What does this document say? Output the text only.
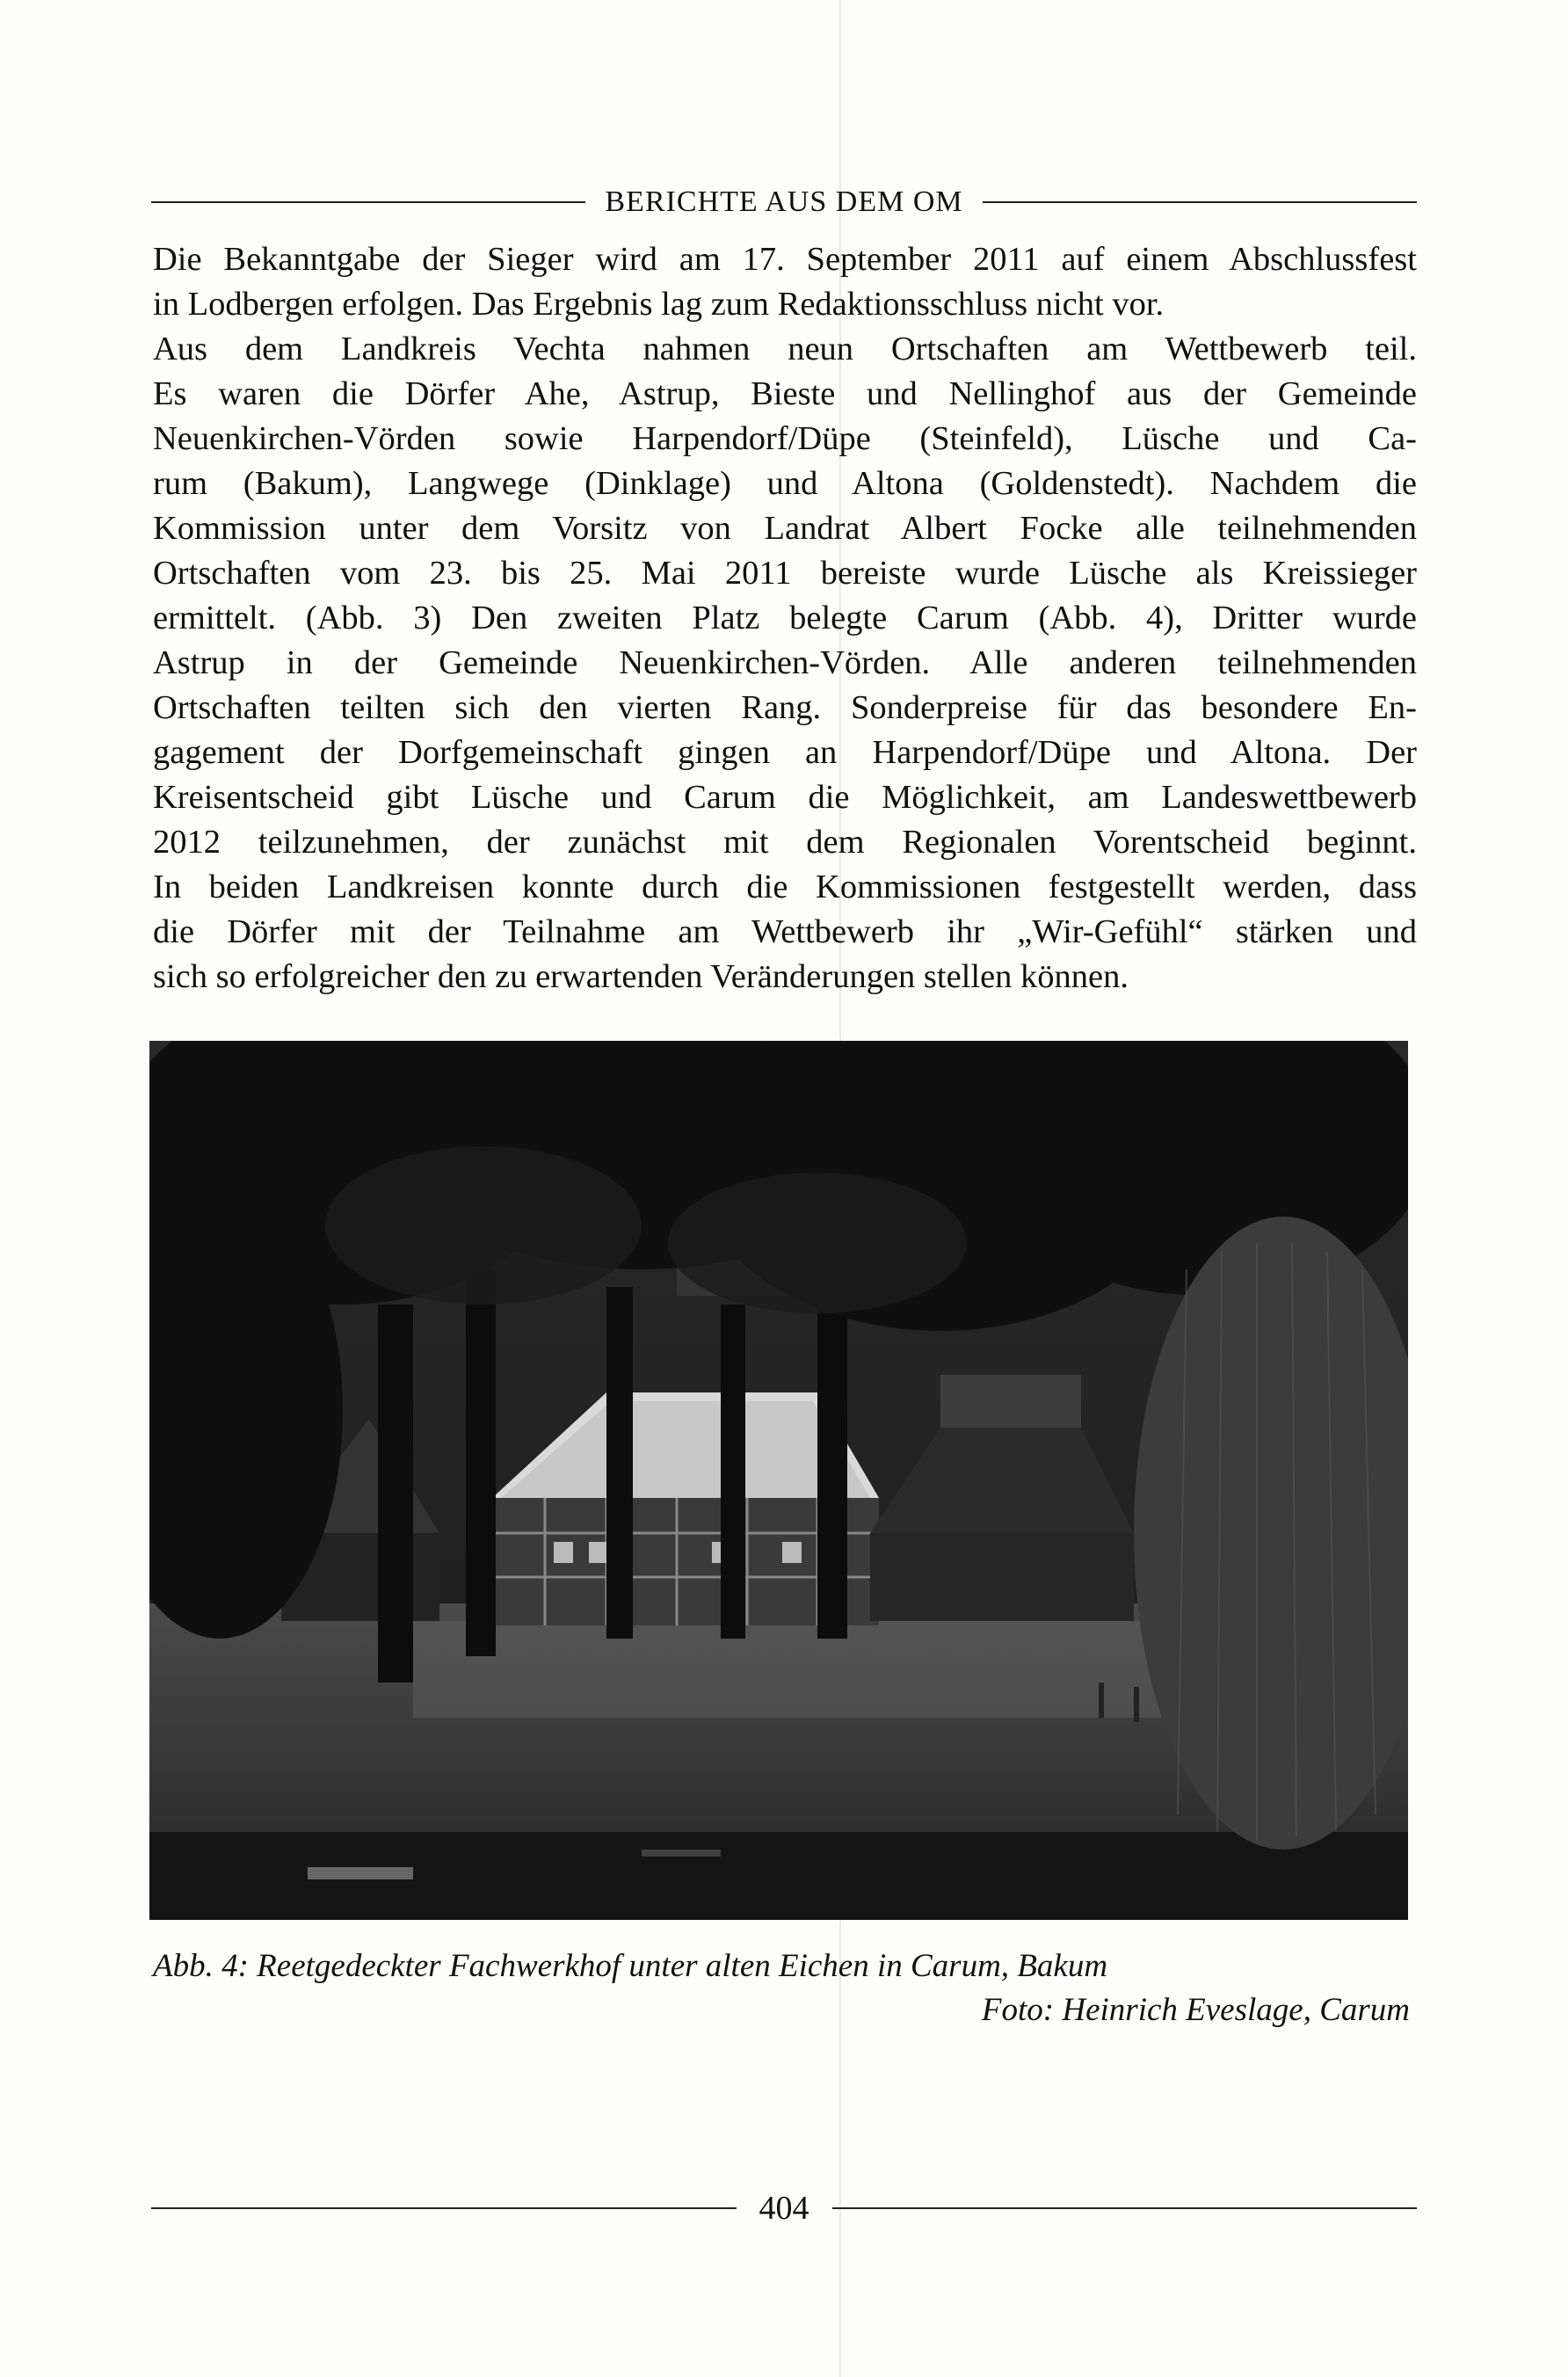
BERICHTE AUS DEM OM
Die Bekanntgabe der Sieger wird am 17. September 2011 auf einem Abschlussfest
in Lodbergen erfolgen. Das Ergebnis lag zum Redaktionsschluss nicht vor.
Aus dem Landkreis Vechta nahmen neun Ortschaften am Wettbewerb teil.
Es waren die Dörfer Ahe, Astrup, Bieste und Nellinghof aus der Gemeinde
Neuenkirchen-Vörden sowie Harpendorf/Düpe (Steinfeld), Lüsche und Ca-
rum (Bakum), Langwege (Dinklage) und Altona (Goldenstedt). Nachdem die
Kommission unter dem Vorsitz von Landrat Albert Focke alle teilnehmenden
Ortschaften vom 23. bis 25. Mai 2011 bereiste wurde Lüsche als Kreissieger
ermittelt. (Abb. 3) Den zweiten Platz belegte Carum (Abb. 4), Dritter wurde
Astrup in der Gemeinde Neuenkirchen-Vörden. Alle anderen teilnehmenden
Ortschaften teilten sich den vierten Rang. Sonderpreise für das besondere En-
gagement der Dorfgemeinschaft gingen an Harpendorf/Düpe und Altona. Der
Kreisentscheid gibt Lüsche und Carum die Möglichkeit, am Landeswettbewerb
2012 teilzunehmen, der zunächst mit dem Regionalen Vorentscheid beginnt.
In beiden Landkreisen konnte durch die Kommissionen festgestellt werden, dass
die Dörfer mit der Teilnahme am Wettbewerb ihr „Wir-Gefühl“ stärken und
sich so erfolgreicher den zu erwartenden Veränderungen stellen können.
Abb. 4: Reetgedeckter Fachwerkhof unter alten Eichen in Carum, Bakum
Foto: Heinrich Eveslage, Carum
404
